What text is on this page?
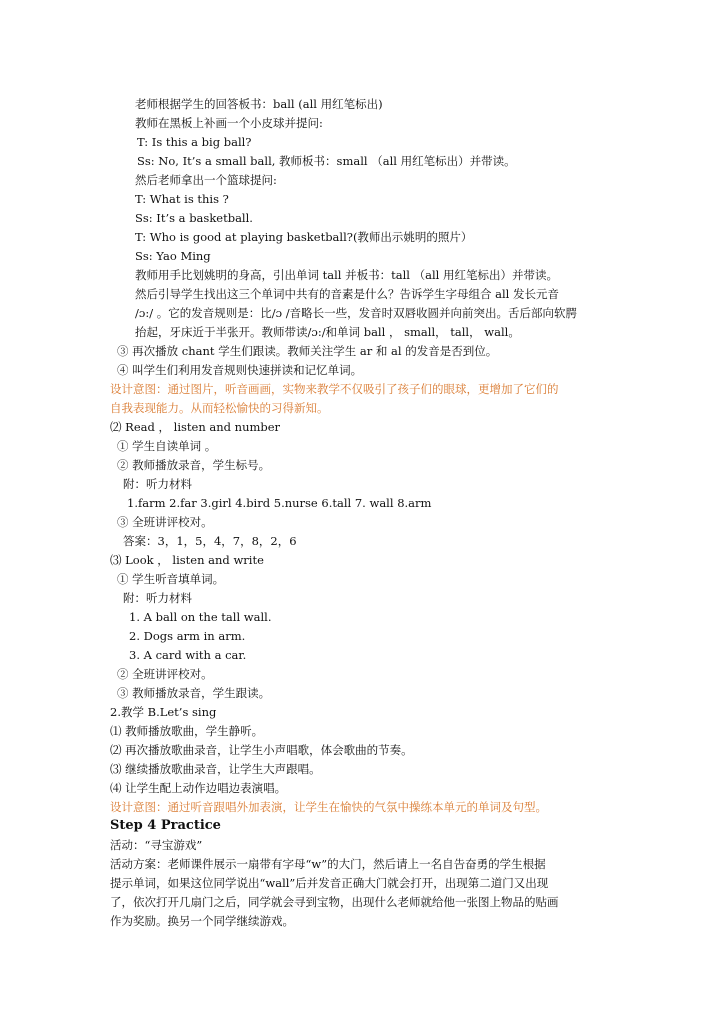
老师根据学生的回答板书：ball (all 用红笔标出)
教师在黑板上补画一个小皮球并提问:
T: Is this a big ball?
Ss: No, It’s a small ball, 教师板书：small （all 用红笔标出）并带读。
然后老师拿出一个篮球提问:
T: What is this ?
Ss: It’s a basketball.
T: Who is good at playing basketball?(教师出示姚明的照片）
Ss: Yao Ming
教师用手比划姚明的身高，引出单词 tall 并板书：tall （all 用红笔标出）并带读。
然后引导学生找出这三个单词中共有的音素是什么？告诉学生字母组合 all 发长元音
/ɔ:/ 。它的发音规则是：比/ɔ /音略长一些，发音时双唇收圆并向前突出。舌后部向软腭
抬起，牙床近于半张开。教师带读/ɔ:/和单词 ball ， small， tall， wall。
③ 再次播放 chant 学生们跟读。教师关注学生 ar 和 al 的发音是否到位。
④ 叫学生们利用发音规则快速拼读和记忆单词。
设计意图：通过图片，听音画画，实物来教学不仅吸引了孩子们的眼球，更增加了它们的
自我表现能力。从而轻松愉快的习得新知。
⑵ Read ， listen and number
① 学生自读单词 。
② 教师播放录音，学生标号。
附：听力材料
1.farm 2.far 3.girl 4.bird 5.nurse 6.tall 7. wall 8.arm
③ 全班讲评校对。
答案：3，1，5，4，7，8，2，6
⑶ Look ， listen and write
① 学生听音填单词。
附：听力材料
1. A ball on the tall wall.
2. Dogs arm in arm.
3. A card with a car.
② 全班讲评校对。
③ 教师播放录音，学生跟读。
2.教学 B.Let’s sing
⑴ 教师播放歌曲，学生静听。
⑵ 再次播放歌曲录音，让学生小声唱歌，体会歌曲的节奏。
⑶ 继续播放歌曲录音，让学生大声跟唱。
⑷ 让学生配上动作边唱边表演唱。
设计意图：通过听音跟唱外加表演，让学生在愉快的气氛中操练本单元的单词及句型。
Step 4 Practice
活动：“寻宝游戏”
活动方案：老师课件展示一扇带有字母“w”的大门，然后请上一名自告奋勇的学生根据
提示单词，如果这位同学说出“wall”后并发音正确大门就会打开，出现第二道门又出现
了，依次打开几扇门之后，同学就会寻到宝物，出现什么老师就给他一张图上物品的贴画
作为奖励。换另一个同学继续游戏。
